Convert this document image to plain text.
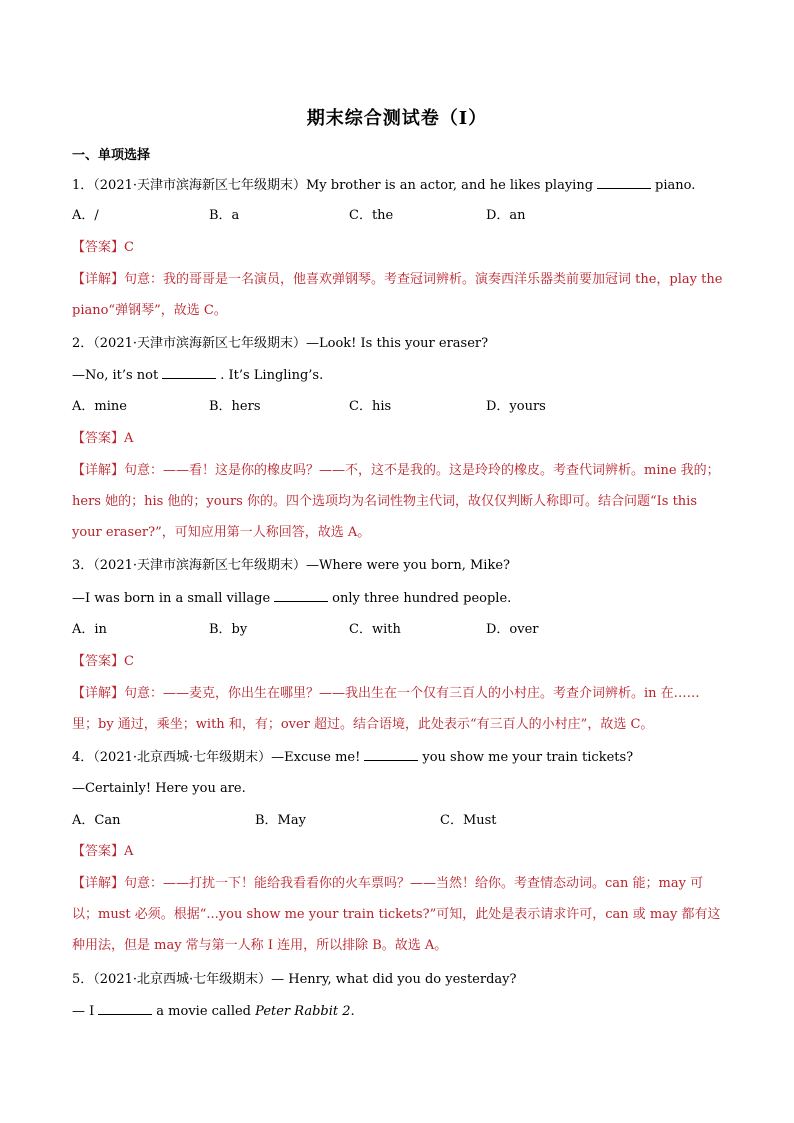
期末综合测试卷（I）
一、单项选择
1．（2021·天津市滨海新区七年级期末）My brother is an actor, and he likes playing	piano.
A．/	B．a	C．the	D．an
【答案】C
【详解】句意：我的哥哥是一名演员，他喜欢弹钢琴。考查冠词辨析。演奏西洋乐器类前要加冠词 the，play the piano“弹钢琴”，故选 C。
2．（2021·天津市滨海新区七年级期末）—Look! Is this your eraser?
—No, it’s not	. It’s Lingling’s.
A．mine	B．hers	C．his	D．yours
【答案】A
【详解】句意：——看！这是你的橡皮吗？——不，这不是我的。这是玲玲的橡皮。考查代词辨析。mine 我的；hers 她的；his 他的；yours 你的。四个选项均为名词性物主代词，故仅仅判断人称即可。结合问题“Is this your eraser?”，可知应用第一人称回答，故选 A。
3．（2021·天津市滨海新区七年级期末）—Where were you born, Mike?
—I was born in a small village	only three hundred people.
A．in	B．by	C．with	D．over
【答案】C
【详解】句意：——麦克，你出生在哪里？——我出生在一个仅有三百人的小村庄。考查介词辨析。in 在……里；by 通过，乘坐；with 和，有；over 超过。结合语境，此处表示“有三百人的小村庄”，故选 C。
4．（2021·北京西城·七年级期末）—Excuse me!	you show me your train tickets?
—Certainly! Here you are.
A．Can	B．May	C．Must
【答案】A
【详解】句意：——打扰一下！能给我看看你的火车票吗？——当然！给你。考查情态动词。can 能；may 可以；must 必须。根据“...you show me your train tickets?”可知，此处是表示请求许可，can 或 may 都有这种用法，但是 may 常与第一人称 I 连用，所以排除 B。故选 A。
5．（2021·北京西城·七年级期末）— Henry, what did you do yesterday?
— I	a movie called Peter Rabbit 2.
